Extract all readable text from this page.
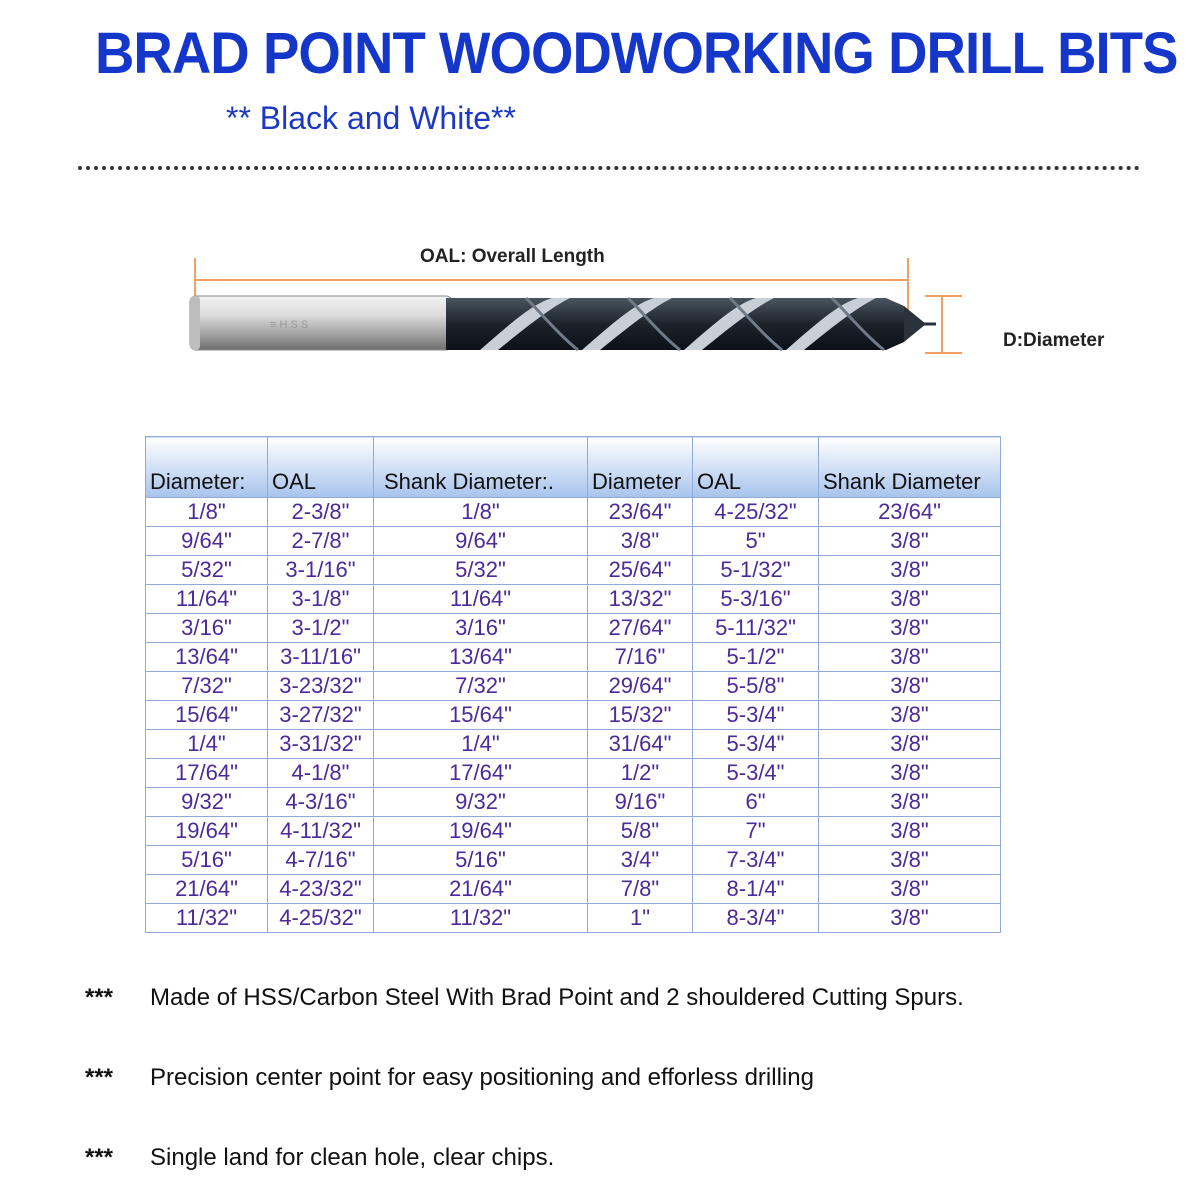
BRAD POINT WOODWORKING DRILL BITS
** Black and White**
≡ H S S
OAL: Overall Length
D:Diameter
Diameter:	OAL	Shank Diameter:.	Diameter	OAL	Shank Diameter
1/8"	2-3/8"	1/8"	23/64"	4-25/32"	23/64"
9/64"	2-7/8"	9/64"	3/8"	5"	3/8"
5/32"	3-1/16"	5/32"	25/64"	5-1/32"	3/8"
11/64"	3-1/8"	11/64"	13/32"	5-3/16"	3/8"
3/16"	3-1/2"	3/16"	27/64"	5-11/32"	3/8"
13/64"	3-11/16"	13/64"	7/16"	5-1/2"	3/8"
7/32"	3-23/32"	7/32"	29/64"	5-5/8"	3/8"
15/64"	3-27/32"	15/64"	15/32"	5-3/4"	3/8"
1/4"	3-31/32"	1/4"	31/64"	5-3/4"	3/8"
17/64"	4-1/8"	17/64"	1/2"	5-3/4"	3/8"
9/32"	4-3/16"	9/32"	9/16"	6"	3/8"
19/64"	4-11/32"	19/64"	5/8"	7"	3/8"
5/16"	4-7/16"	5/16"	3/4"	7-3/4"	3/8"
21/64"	4-23/32"	21/64"	7/8"	8-1/4"	3/8"
11/32"	4-25/32"	11/32"	1"	8-3/4"	3/8"
*** Made of HSS/Carbon Steel With Brad Point and 2 shouldered Cutting Spurs.
*** Precision center point for easy positioning and efforless drilling
*** Single land for clean hole, clear chips.
